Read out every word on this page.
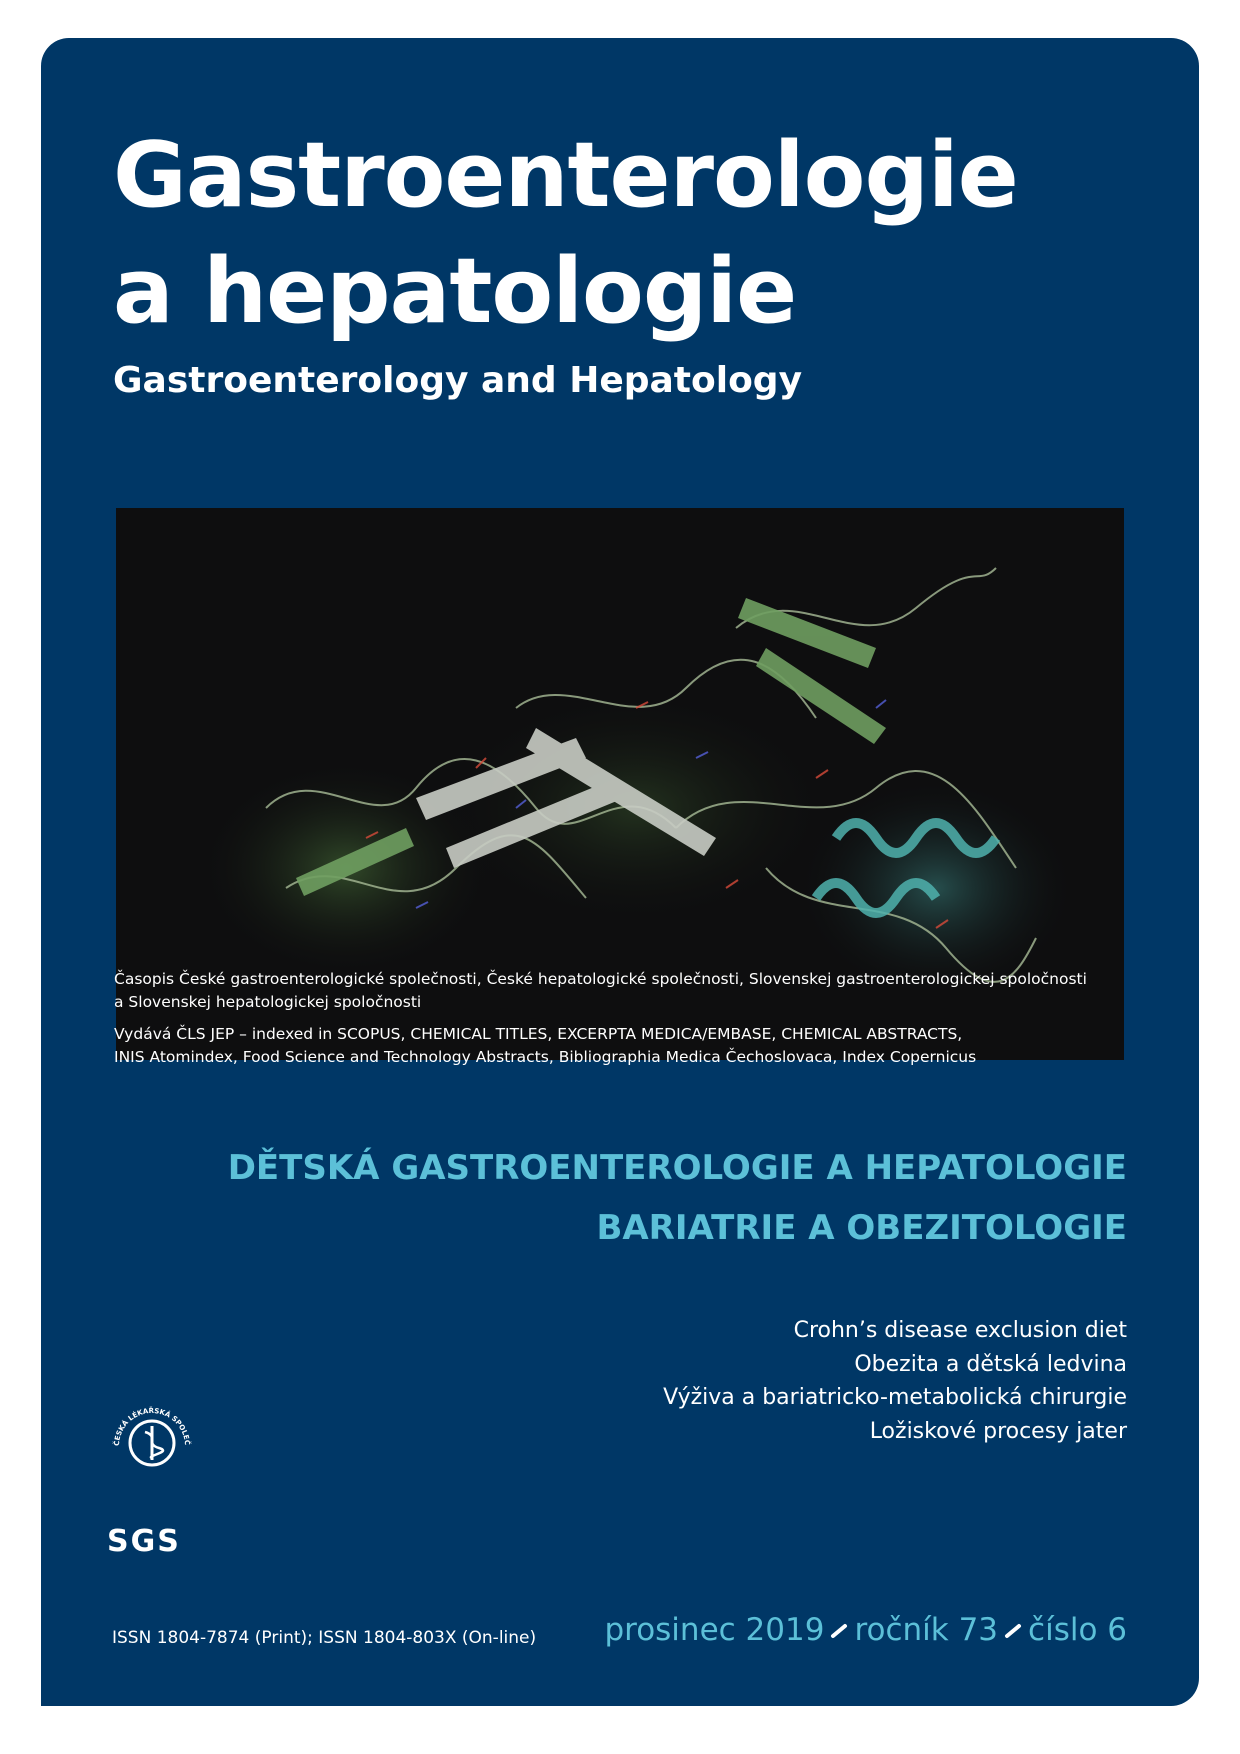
Gastroenterologie
a hepatologie
Gastroenterology and Hepatology
Časopis České gastroenterologické společnosti, České hepatologické společnosti, Slovenskej gastroenterologickej spoločnosti
a Slovenskej hepatologickej spoločnosti
Vydává ČLS JEP – indexed in SCOPUS, CHEMICAL TITLES, EXCERPTA MEDICA/EMBASE, CHEMICAL ABSTRACTS,
INIS Atomindex, Food Science and Technology Abstracts, Bibliographia Medica Čechoslovaca, Index Copernicus
DĚTSKÁ GASTROENTEROLOGIE A HEPATOLOGIE
BARIATRIE A OBEZITOLOGIE
ČESKÁ LÉKAŘSKÁ SPOLEČ
SGS
Crohn’s disease exclusion diet
Obezita a dětská ledvina
Výživa a bariatricko-metabolická chirurgie
Ložiskové procesy jater
ISSN 1804-7874 (Print); ISSN 1804-803X (On-line) prosinec 2019 ročník 73 číslo 6
